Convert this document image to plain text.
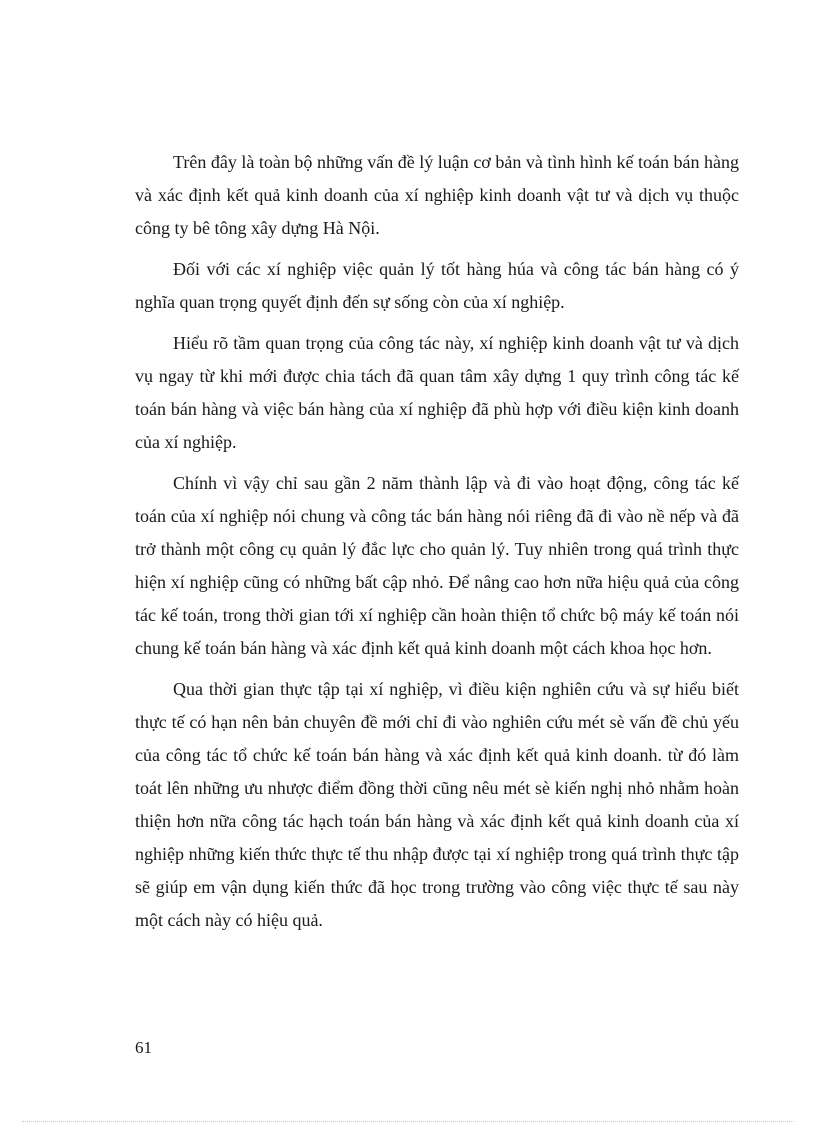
Trên đây là toàn bộ những vấn đề lý luận cơ bản và tình hình kế toán bán hàng và xác định kết quả kinh doanh của xí nghiệp kinh doanh vật tư và dịch vụ thuộc công ty bê tông xây dựng Hà Nội.

Đối với các xí nghiệp việc quản lý tốt hàng húa và công tác bán hàng có ý nghĩa quan trọng quyết định đến sự sống còn của xí nghiệp.

Hiểu rõ tầm quan trọng của công tác này, xí nghiệp kinh doanh vật tư và dịch vụ ngay từ khi mới được chia tách đã quan tâm xây dựng 1 quy trình công tác kế toán bán hàng và việc bán hàng của xí nghiệp đã phù hợp với điều kiện kinh doanh của xí nghiệp.

Chính vì vậy chỉ sau gần 2 năm thành lập và đi vào hoạt động, công tác kế toán của xí nghiệp nói chung và công tác bán hàng nói riêng đã đi vào nề nếp và đã trở thành một công cụ quản lý đắc lực cho quản lý. Tuy nhiên trong quá trình thực hiện xí nghiệp cũng có những bất cập nhỏ. Để nâng cao hơn nữa hiệu quả của công tác kế toán, trong thời gian tới xí nghiệp cần hoàn thiện tổ chức bộ máy kế toán nói chung kế toán bán hàng và xác định kết quả kinh doanh một cách khoa học hơn.

Qua thời gian thực tập tại xí nghiệp, vì điều kiện nghiên cứu và sự hiểu biết thực tế có hạn nên bản chuyên đề mới chỉ đi vào nghiên cứu mét sè vấn đề chủ yếu của công tác tổ chức kế toán bán hàng và xác định kết quả kinh doanh. từ đó làm toát lên những ưu nhược điểm đồng thời cũng nêu mét sè kiến nghị nhỏ nhằm hoàn thiện hơn nữa công tác hạch toán bán hàng và xác định kết quả kinh doanh của xí nghiệp những kiến thức thực tế thu nhập được tại xí nghiệp trong quá trình thực tập sẽ giúp em vận dụng kiến thức đã học trong trường vào công việc thực tế sau này một cách này có hiệu quả.

61
